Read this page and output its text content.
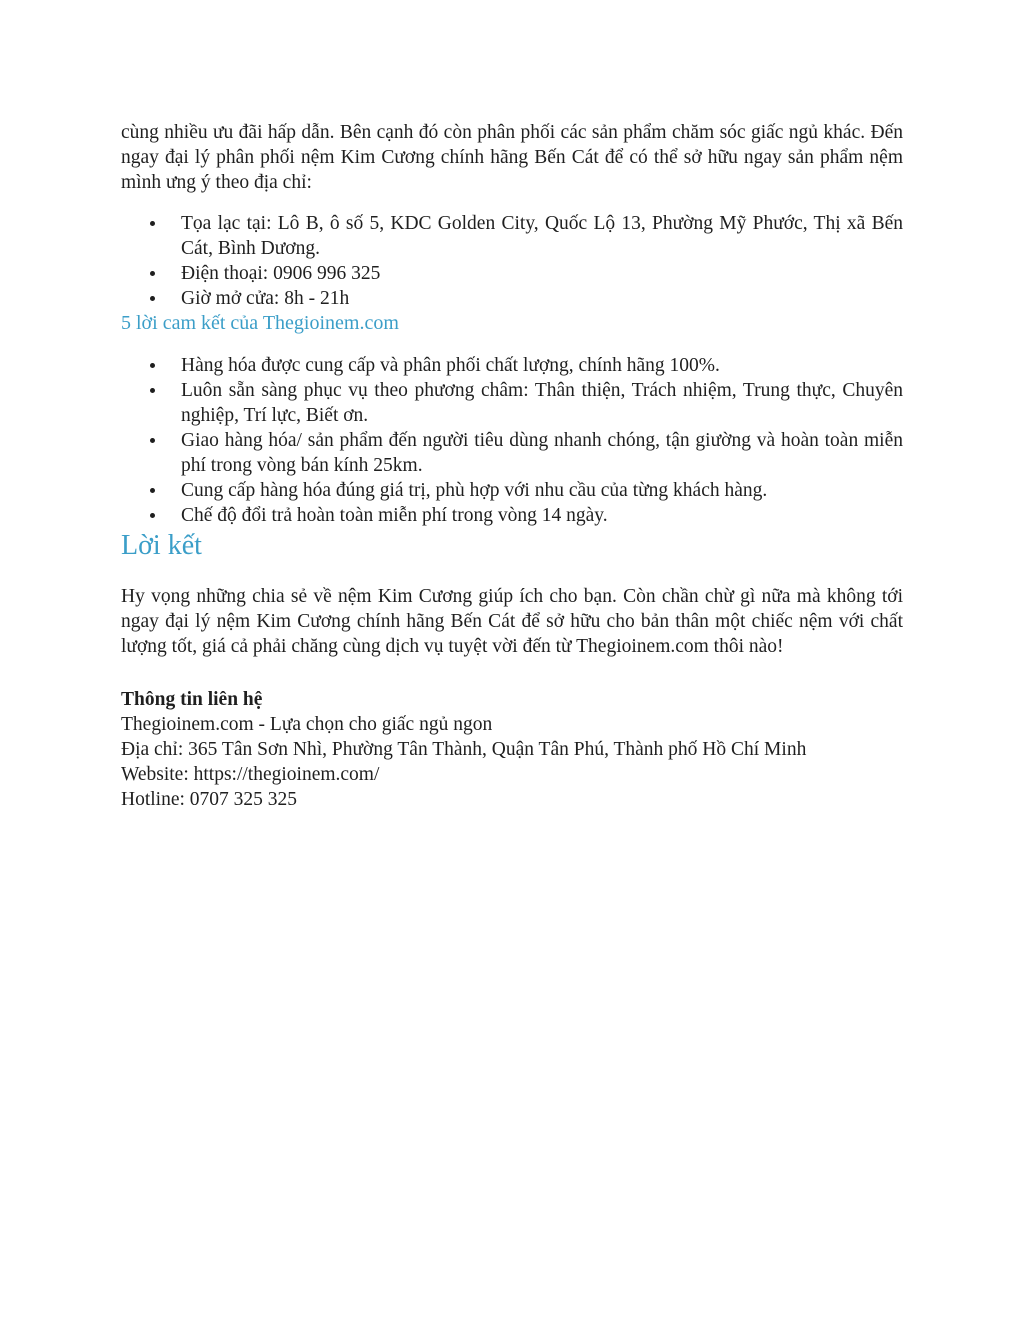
cùng nhiều ưu đãi hấp dẫn. Bên cạnh đó còn phân phối các sản phẩm chăm sóc giấc ngủ khác. Đến ngay đại lý phân phối nệm Kim Cương chính hãng Bến Cát để có thể sở hữu ngay sản phẩm nệm mình ưng ý theo địa chỉ:

Tọa lạc tại: Lô B, ô số 5, KDC Golden City, Quốc Lộ 13, Phường Mỹ Phước, Thị xã Bến Cát, Bình Dương.
Điện thoại: 0906 996 325
Giờ mở cửa: 8h - 21h
5 lời cam kết của Thegioinem.com
Hàng hóa được cung cấp và phân phối chất lượng, chính hãng 100%.
Luôn sẵn sàng phục vụ theo phương châm: Thân thiện, Trách nhiệm, Trung thực, Chuyên nghiệp, Trí lực, Biết ơn.
Giao hàng hóa/ sản phẩm đến người tiêu dùng nhanh chóng, tận giường và hoàn toàn miễn phí trong vòng bán kính 25km.
Cung cấp hàng hóa đúng giá trị, phù hợp với nhu cầu của từng khách hàng.
Chế độ đổi trả hoàn toàn miễn phí trong vòng 14 ngày.
Lời kết

Hy vọng những chia sẻ về nệm Kim Cương giúp ích cho bạn. Còn chần chừ gì nữa mà không tới ngay đại lý nệm Kim Cương chính hãng Bến Cát để sở hữu cho bản thân một chiếc nệm với chất lượng tốt, giá cả phải chăng cùng dịch vụ tuyệt vời đến từ Thegioinem.com thôi nào!

Thông tin liên hệ

Thegioinem.com - Lựa chọn cho giấc ngủ ngon

Địa chỉ: 365 Tân Sơn Nhì, Phường Tân Thành, Quận Tân Phú, Thành phố Hồ Chí Minh

Website: https://thegioinem.com/

Hotline: 0707 325 325
